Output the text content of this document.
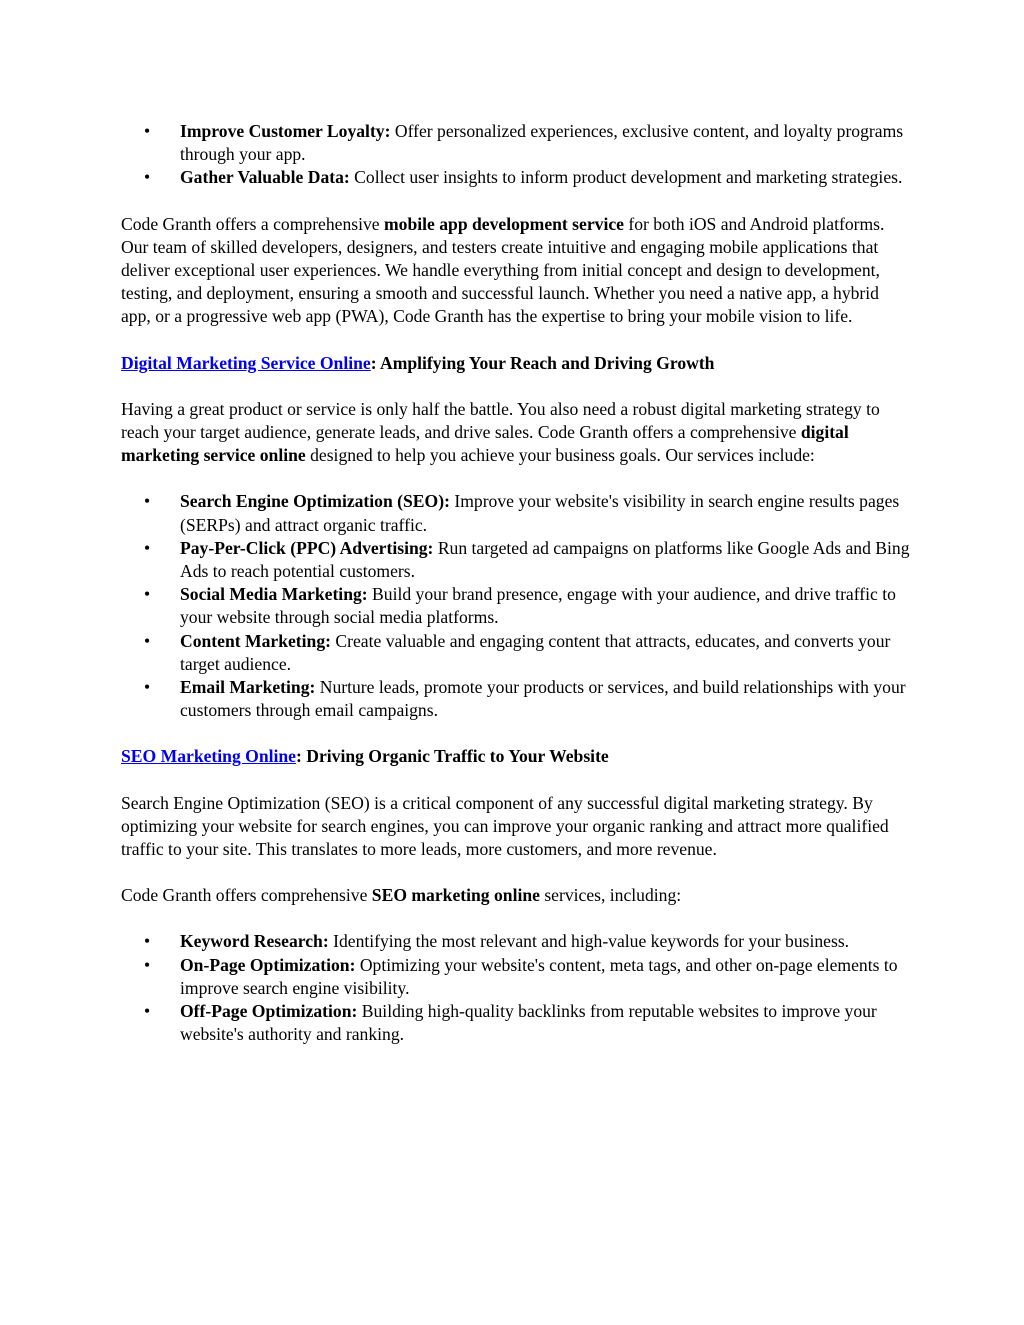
• Improve Customer Loyalty: Offer personalized experiences, exclusive content, and loyalty programs through your app.
• Gather Valuable Data: Collect user insights to inform product development and marketing strategies.

Code Granth offers a comprehensive mobile app development service for both iOS and Android platforms. Our team of skilled developers, designers, and testers create intuitive and engaging mobile applications that deliver exceptional user experiences. We handle everything from initial concept and design to development, testing, and deployment, ensuring a smooth and successful launch. Whether you need a native app, a hybrid app, or a progressive web app (PWA), Code Granth has the expertise to bring your mobile vision to life.

Digital Marketing Service Online: Amplifying Your Reach and Driving Growth

Having a great product or service is only half the battle. You also need a robust digital marketing strategy to reach your target audience, generate leads, and drive sales. Code Granth offers a comprehensive digital marketing service online designed to help you achieve your business goals. Our services include:

• Search Engine Optimization (SEO): Improve your website's visibility in search engine results pages (SERPs) and attract organic traffic.
• Pay-Per-Click (PPC) Advertising: Run targeted ad campaigns on platforms like Google Ads and Bing Ads to reach potential customers.
• Social Media Marketing: Build your brand presence, engage with your audience, and drive traffic to your website through social media platforms.
• Content Marketing: Create valuable and engaging content that attracts, educates, and converts your target audience.
• Email Marketing: Nurture leads, promote your products or services, and build relationships with your customers through email campaigns.
SEO Marketing Online: Driving Organic Traffic to Your Website

Search Engine Optimization (SEO) is a critical component of any successful digital marketing strategy. By optimizing your website for search engines, you can improve your organic ranking and attract more qualified traffic to your site. This translates to more leads, more customers, and more revenue.

Code Granth offers comprehensive SEO marketing online services, including:

• Keyword Research: Identifying the most relevant and high-value keywords for your business.
• On-Page Optimization: Optimizing your website's content, meta tags, and other on-page elements to improve search engine visibility.
• Off-Page Optimization: Building high-quality backlinks from reputable websites to improve your website's authority and ranking.
